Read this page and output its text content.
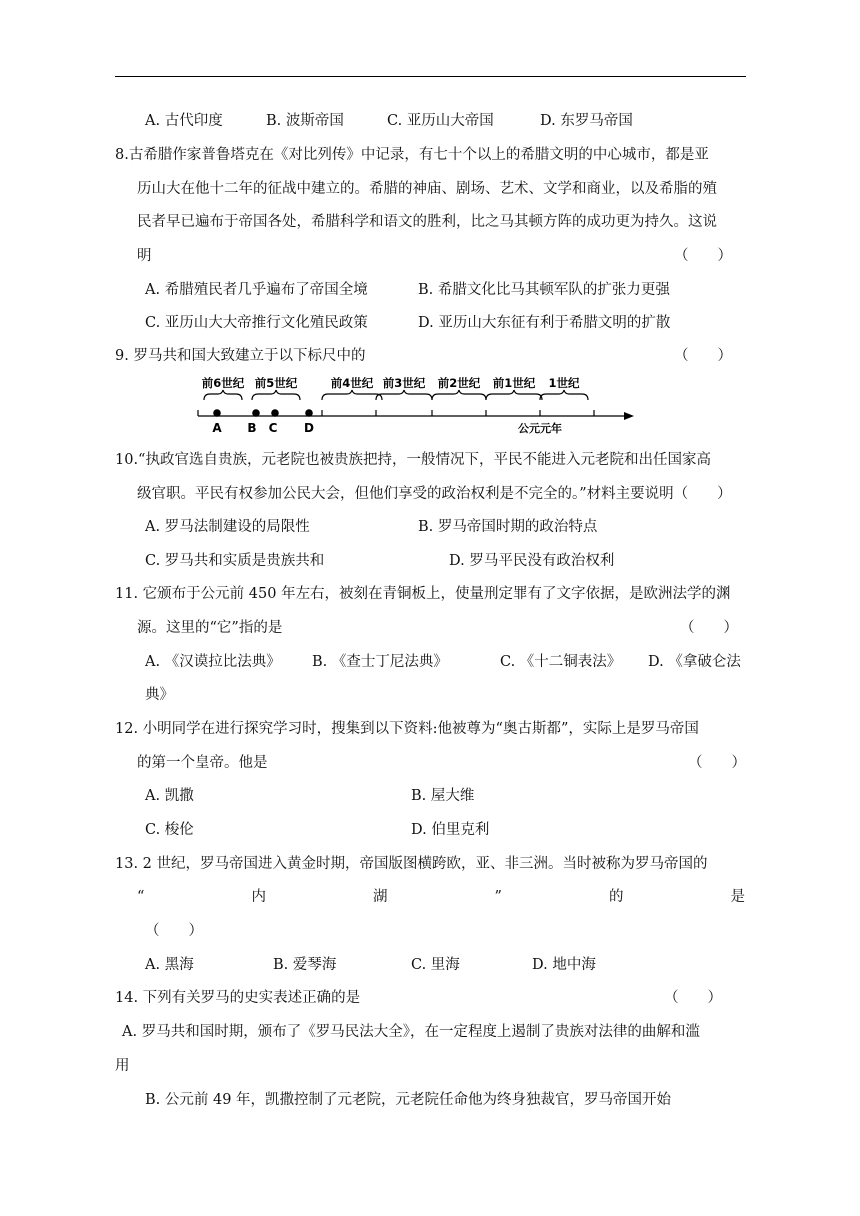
A. 古代印度	B. 波斯帝国	C. 亚历山大帝国	D. 东罗马帝国
8.古希腊作家普鲁塔克在《对比列传》中记录，有七十个以上的希腊文明的中心城市，都是亚
历山大在他十二年的征战中建立的。希腊的神庙、剧场、艺术、文学和商业，以及希脂的殖
民者早已遍布于帝国各处，希腊科学和语文的胜利，比之马其顿方阵的成功更为持久。这说
明	（　　）
A. 希腊殖民者几乎遍布了帝国全境	B. 希腊文化比马其顿军队的扩张力更强
C. 亚历山大大帝推行文化殖民政策	D. 亚历山大东征有利于希腊文明的扩散
9. 罗马共和国大致建立于以下标尺中的	（　　）
前6世纪 前5世纪	前4世纪 前3世纪 前2世纪 前1世纪 1世纪
A B C D	公元元年
10.“执政官选自贵族，元老院也被贵族把持，一般情况下，平民不能进入元老院和出任国家高
级官职。平民有权参加公民大会，但他们享受的政治权利是不完全的。”材料主要说明（　　）
A. 罗马法制建设的局限性	B. 罗马帝国时期的政治特点
C. 罗马共和实质是贵族共和	D. 罗马平民没有政治权利
11. 它颁布于公元前 450 年左右，被刻在青铜板上，使量刑定罪有了文字依据，是欧洲法学的渊
源。这里的“它”指的是	（　　）
A. 《汉谟拉比法典》 B. 《查士丁尼法典》	C. 《十二铜表法》 D. 《拿破仑法
典》
12. 小明同学在进行探究学习时，搜集到以下资料:他被尊为“奥古斯都”，实际上是罗马帝国
的第一个皇帝。他是	（　　）
A. 凯撒	B. 屋大维
C. 梭伦	D. 伯里克利
13. 2 世纪，罗马帝国进入黄金时期，帝国版图横跨欧，亚、非三洲。当时被称为罗马帝国的
“	内	湖	”	的	是
（　　）
A. 黑海	B. 爱琴海	C. 里海	D. 地中海
14. 下列有关罗马的史实表述正确的是	（　　）
A. 罗马共和国时期，颁布了《罗马民法大全》，在一定程度上遏制了贵族对法律的曲解和滥
用
B. 公元前 49 年，凯撒控制了元老院，元老院任命他为终身独裁官，罗马帝国开始
